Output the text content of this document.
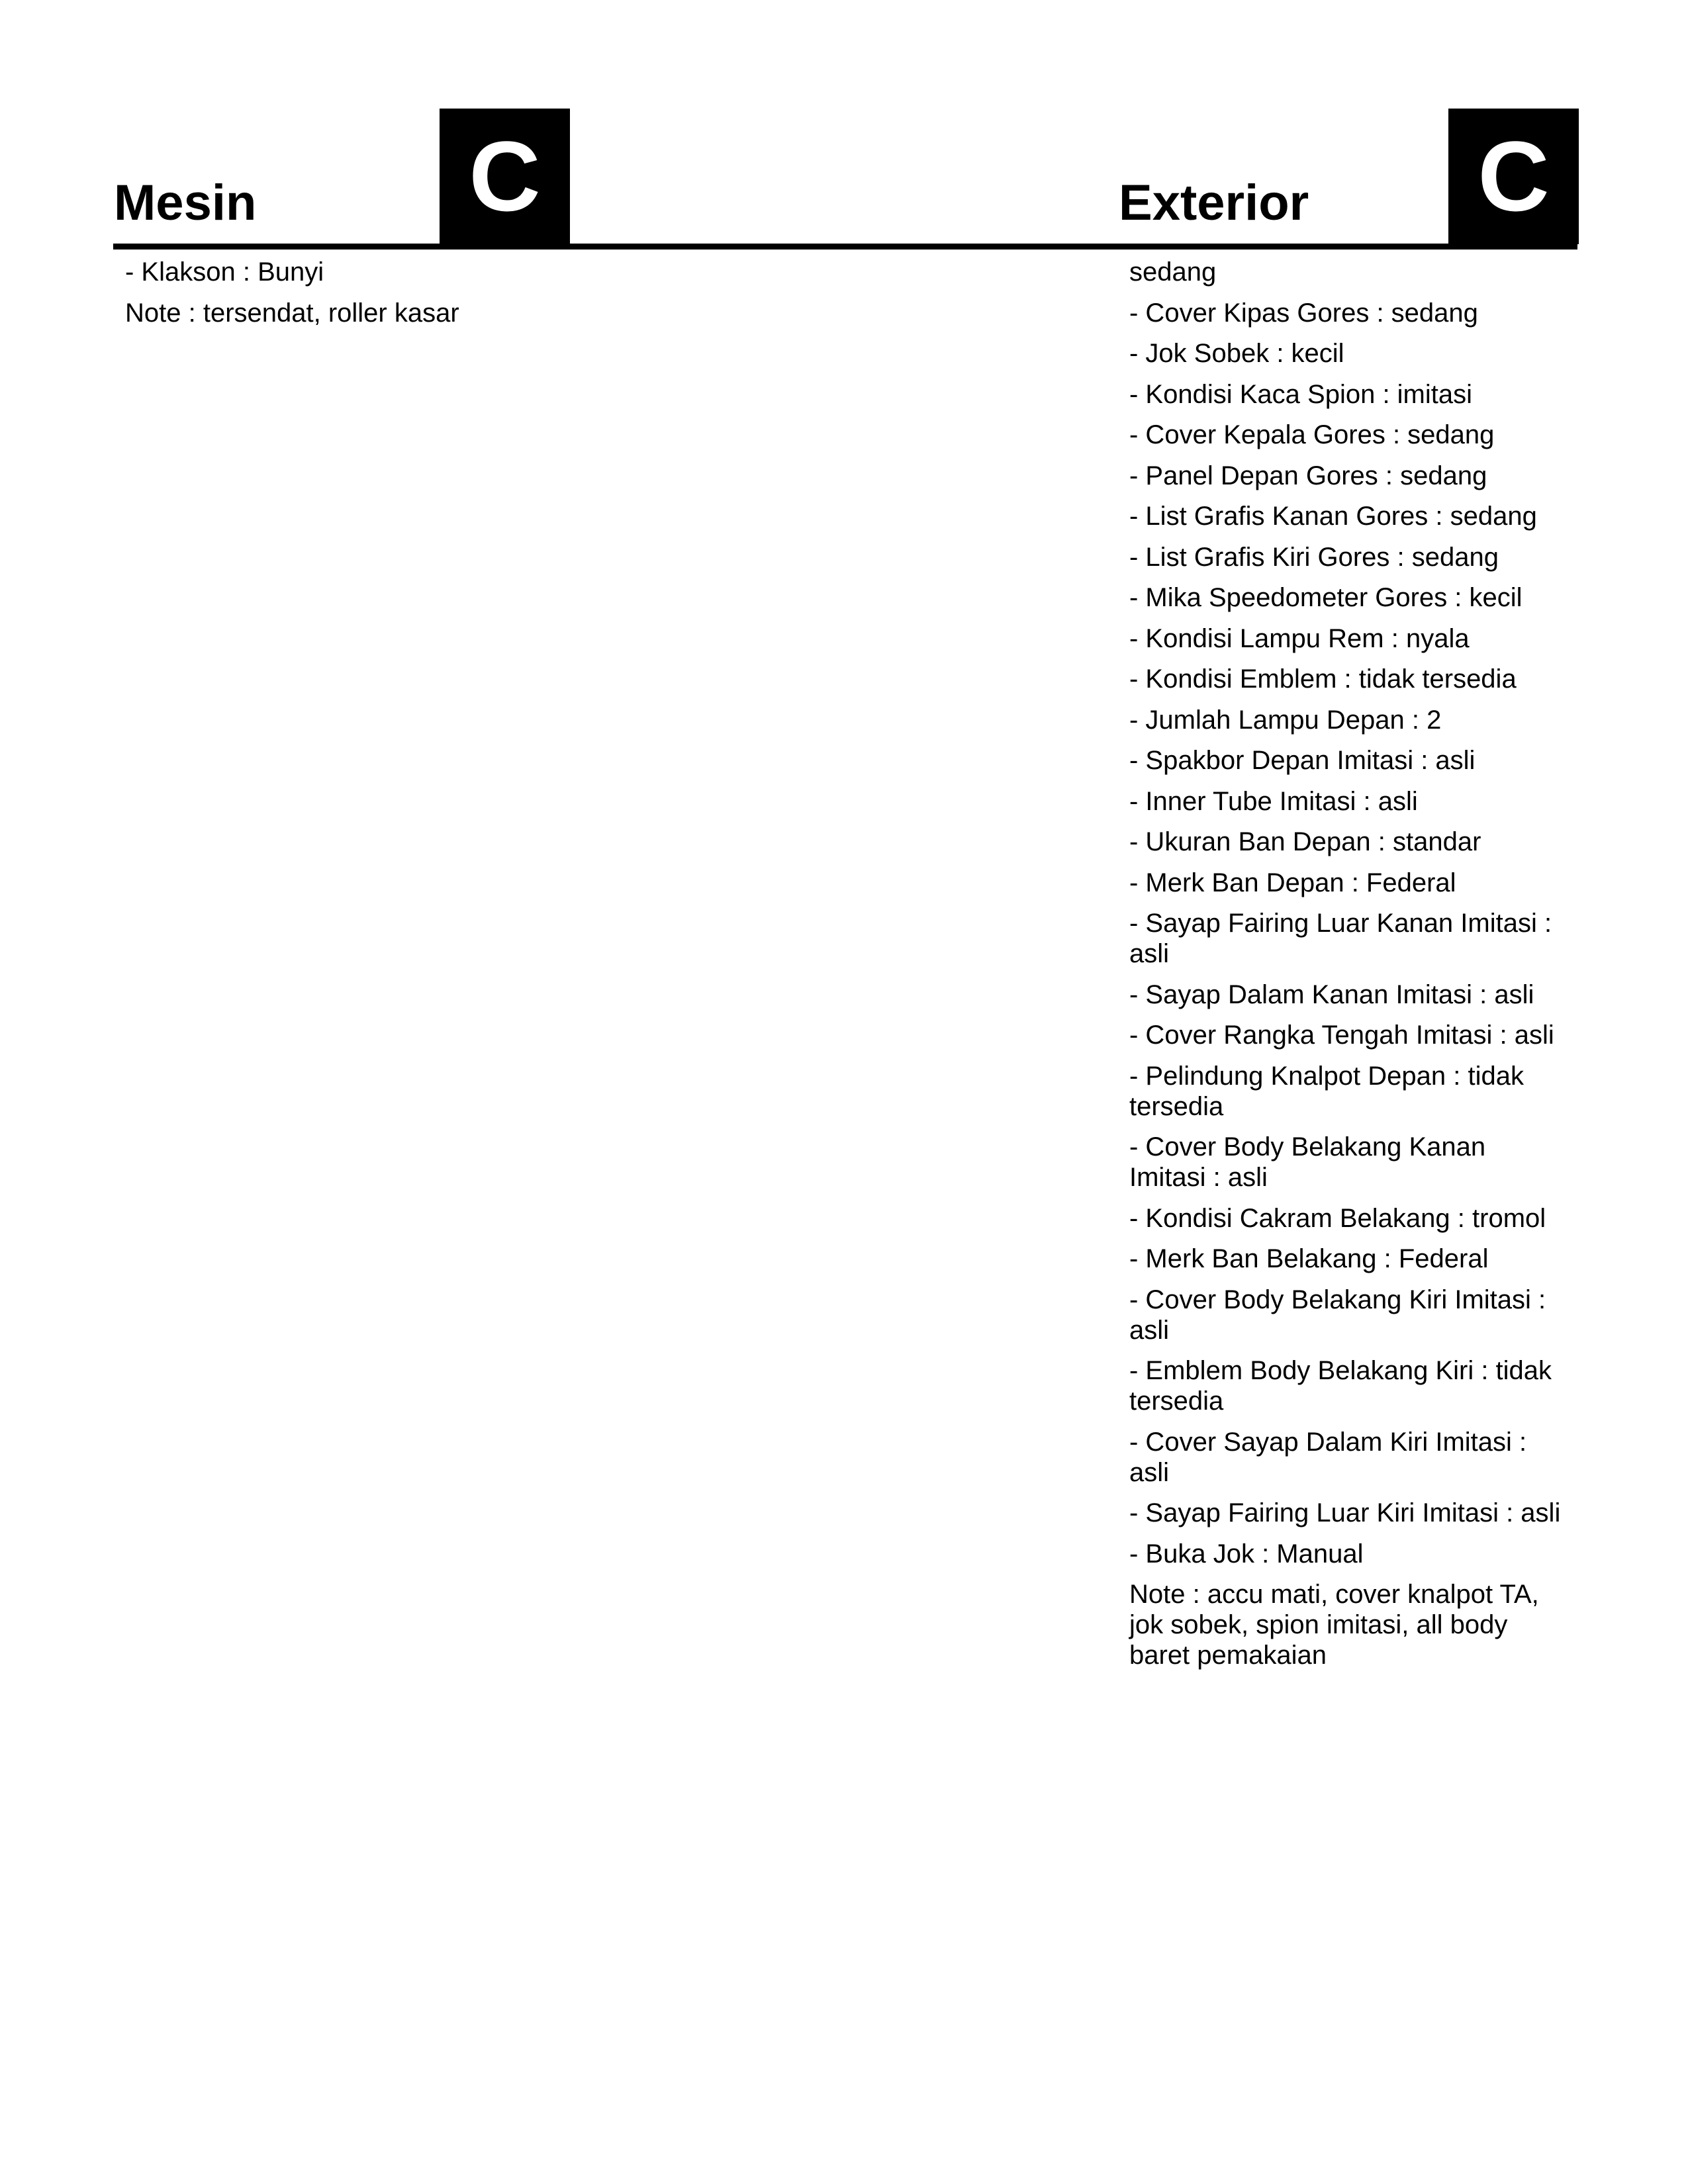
Mesin C	Exterior C
- Klakson : Bunyi
Note : tersendat, roller kasar
sedang
- Cover Kipas Gores : sedang
- Jok Sobek : kecil
- Kondisi Kaca Spion : imitasi
- Cover Kepala Gores : sedang
- Panel Depan Gores : sedang
- List Grafis Kanan Gores : sedang
- List Grafis Kiri Gores : sedang
- Mika Speedometer Gores : kecil
- Kondisi Lampu Rem : nyala
- Kondisi Emblem : tidak tersedia
- Jumlah Lampu Depan : 2
- Spakbor Depan Imitasi : asli
- Inner Tube Imitasi : asli
- Ukuran Ban Depan : standar
- Merk Ban Depan : Federal
- Sayap Fairing Luar Kanan Imitasi : asli
- Sayap Dalam Kanan Imitasi : asli
- Cover Rangka Tengah Imitasi : asli
- Pelindung Knalpot Depan : tidak tersedia
- Cover Body Belakang Kanan Imitasi : asli
- Kondisi Cakram Belakang : tromol
- Merk Ban Belakang : Federal
- Cover Body Belakang Kiri Imitasi : asli
- Emblem Body Belakang Kiri : tidak tersedia
- Cover Sayap Dalam Kiri Imitasi : asli
- Sayap Fairing Luar Kiri Imitasi : asli
- Buka Jok : Manual
Note : accu mati, cover knalpot TA, jok sobek, spion imitasi, all body baret pemakaian
